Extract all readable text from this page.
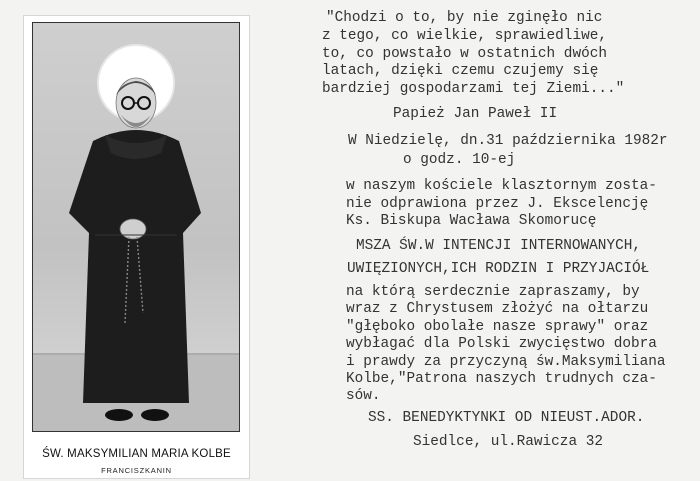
ŚW. MAKSYMILIAN MARIA KOLBE
FRANCISZKANIN
"Chodzi o to, by nie zginęło nic
z tego, co wielkie, sprawiedliwe,
to, co powstało w ostatnich dwóch
latach, dzięki czemu czujemy się
bardziej gospodarzami tej Ziemi..."
Papież Jan Paweł II
W Niedzielę, dn.31 października 1982r
o godz. 10-ej
w naszym kościele klasztornym zosta-
nie odprawiona przez J. Ekscelencję
Ks. Biskupa Wacława Skomorucę
MSZA ŚW.W INTENCJI INTERNOWANYCH,
UWIĘZIONYCH,ICH RODZIN I PRZYJACIÓŁ
na którą serdecznie zapraszamy, by
wraz z Chrystusem złożyć na ołtarzu
"głęboko obolałe nasze sprawy" oraz
wybłagać dla Polski zwycięstwo dobra
i prawdy za przyczyną św.Maksymiliana
Kolbe,"Patrona naszych trudnych cza-
sów.
SS. BENEDYKTYNKI OD NIEUST.ADOR.
Siedlce, ul.Rawicza 32
